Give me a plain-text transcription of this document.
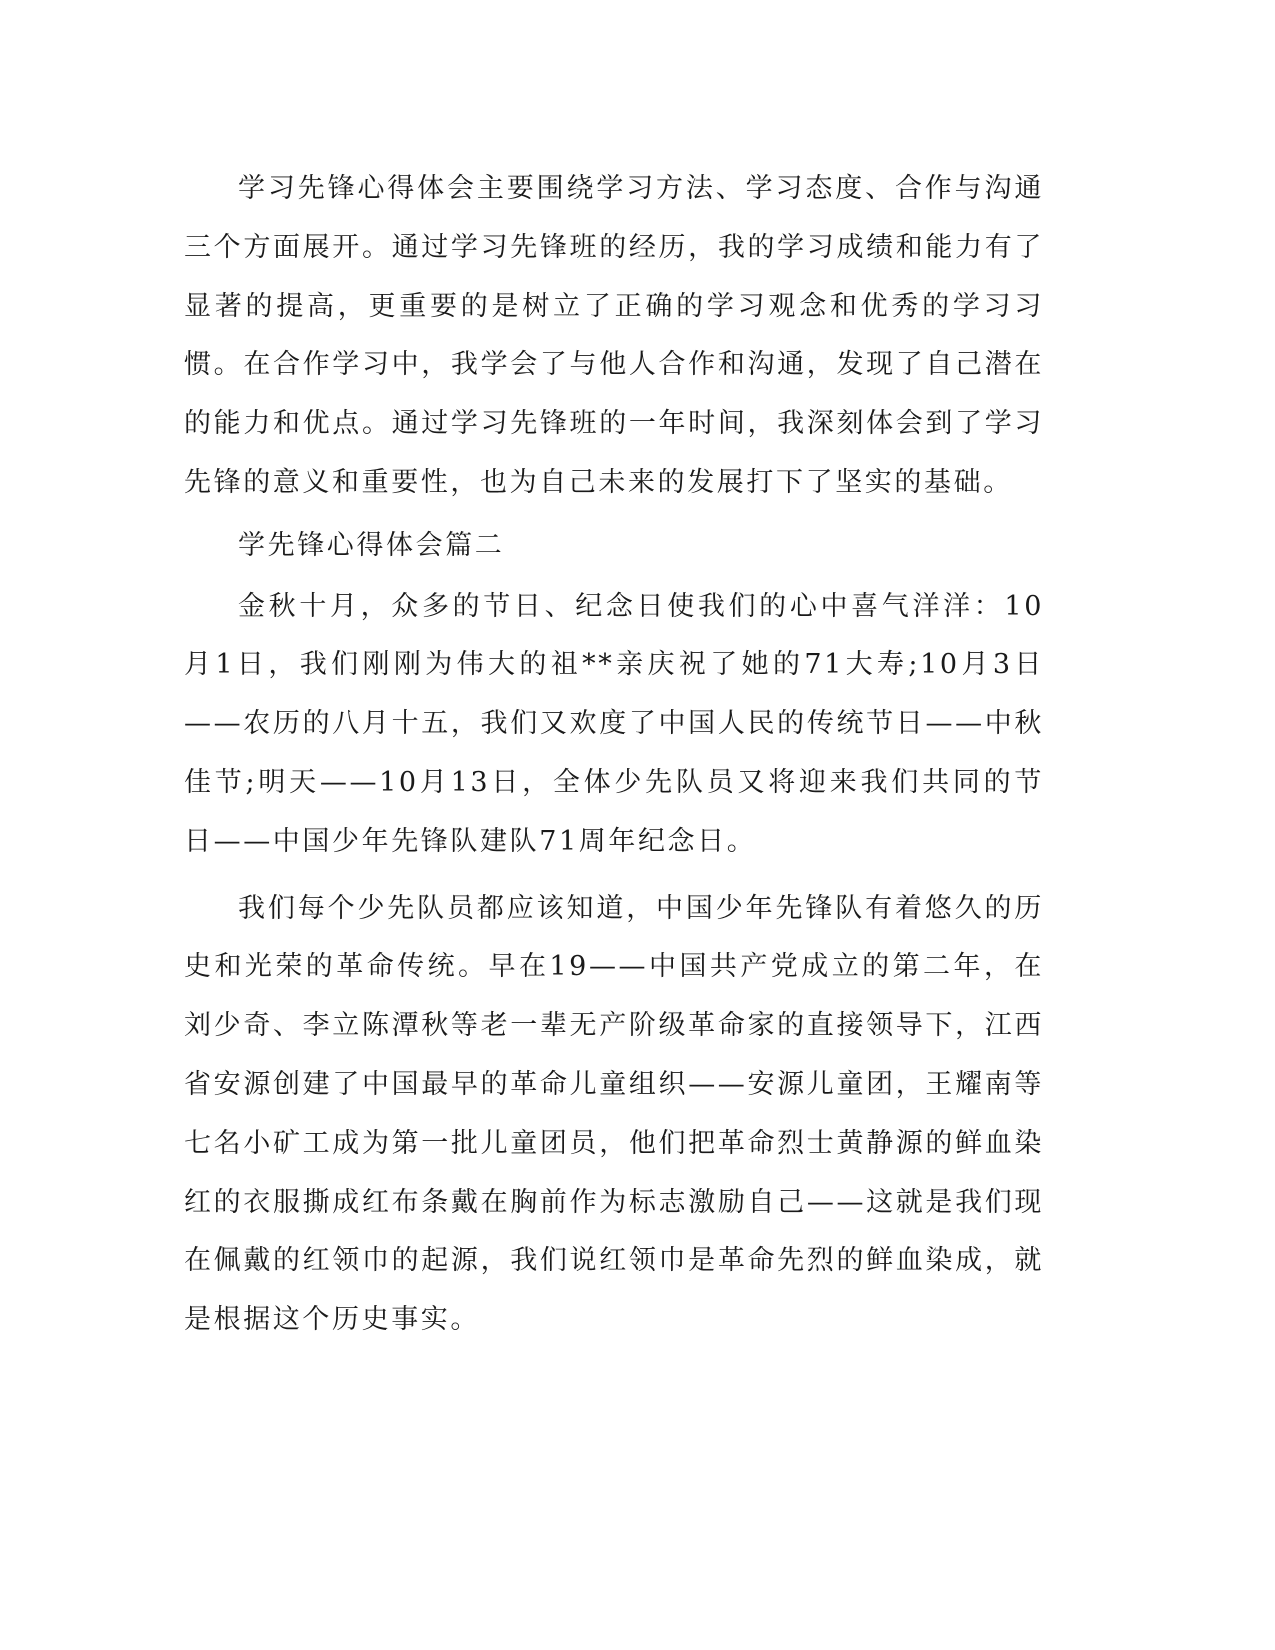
学习先锋心得体会主要围绕学习方法、学习态度、合作与沟通三个方面展开。通过学习先锋班的经历，我的学习成绩和能力有了显著的提高，更重要的是树立了正确的学习观念和优秀的学习习惯。在合作学习中，我学会了与他人合作和沟通，发现了自己潜在的能力和优点。通过学习先锋班的一年时间，我深刻体会到了学习先锋的意义和重要性，也为自己未来的发展打下了坚实的基础。

学先锋心得体会篇二

金秋十月，众多的节日、纪念日使我们的心中喜气洋洋：10月1日，我们刚刚为伟大的祖**亲庆祝了她的71大寿;10月3日——农历的八月十五，我们又欢度了中国人民的传统节日——中秋佳节;明天——10月13日，全体少先队员又将迎来我们共同的节日——中国少年先锋队建队71周年纪念日。

我们每个少先队员都应该知道，中国少年先锋队有着悠久的历史和光荣的革命传统。早在19——中国共产党成立的第二年，在刘少奇、李立陈潭秋等老一辈无产阶级革命家的直接领导下，江西省安源创建了中国最早的革命儿童组织——安源儿童团，王耀南等七名小矿工成为第一批儿童团员，他们把革命烈士黄静源的鲜血染红的衣服撕成红布条戴在胸前作为标志激励自己——这就是我们现在佩戴的红领巾的起源，我们说红领巾是革命先烈的鲜血染成，就是根据这个历史事实。
